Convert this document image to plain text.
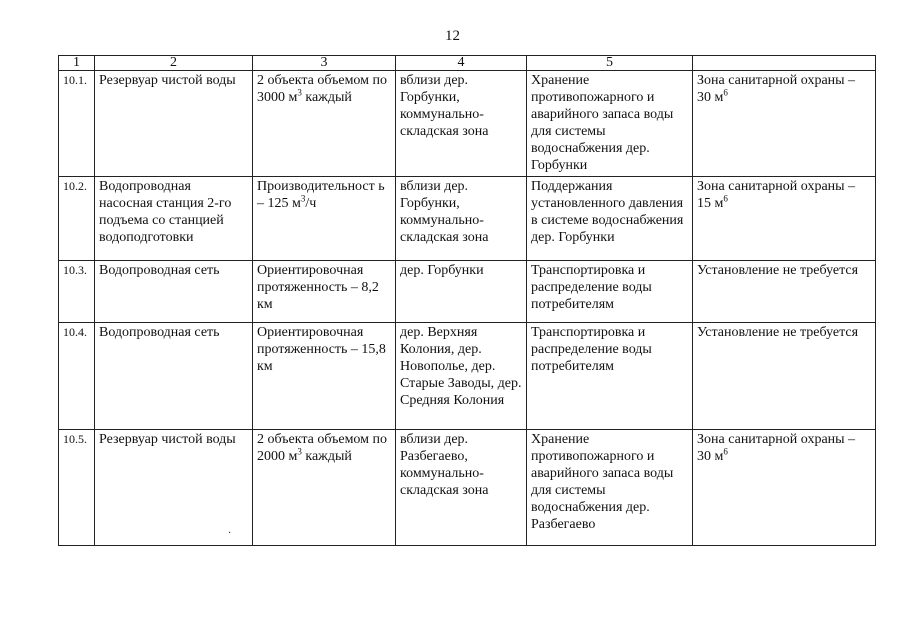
12
1	2	3	4	5	
10.1.	Резервуар чистой воды	2 объекта объемом по 3000 $м^3$ каждый	вблизи дер. Горбунки, коммунально-складская зона	Хранение противопожарного и аварийного запаса воды для системы водоснабжения дер. Горбунки	Зона санитарной охраны – 30 $м^6$
10.2.	Водопроводная насосная станция 2-го подъема со станцией водоподготовки	Производительност ь – 125 $м^3/ч$	вблизи дер. Горбунки, коммунально-складская зона	Поддержания установленного давления в системе водоснабжения дер. Горбунки	Зона санитарной охраны – 15 $м^6$
10.3.	Водопроводная сеть	Ориентировочная протяженность – 8,2 км	дер. Горбунки	Транспортировка и распределение воды потребителям	Установление не требуется
10.4.	Водопроводная сеть	Ориентировочная протяженность – 15,8 км	дер. Верхняя Колония, дер. Новополье, дер. Старые Заводы, дер. Средняя Колония	Транспортировка и распределение воды потребителям	Установление не требуется
10.5.	Резервуар чистой воды	2 объекта объемом по 2000 $м^3$ каждый	вблизи дер. Разбегаево, коммунально-складская зона	Хранение противопожарного и аварийного запаса воды для системы водоснабжения дер. Разбегаево	Зона санитарной охраны – 30 $м^6$
·
